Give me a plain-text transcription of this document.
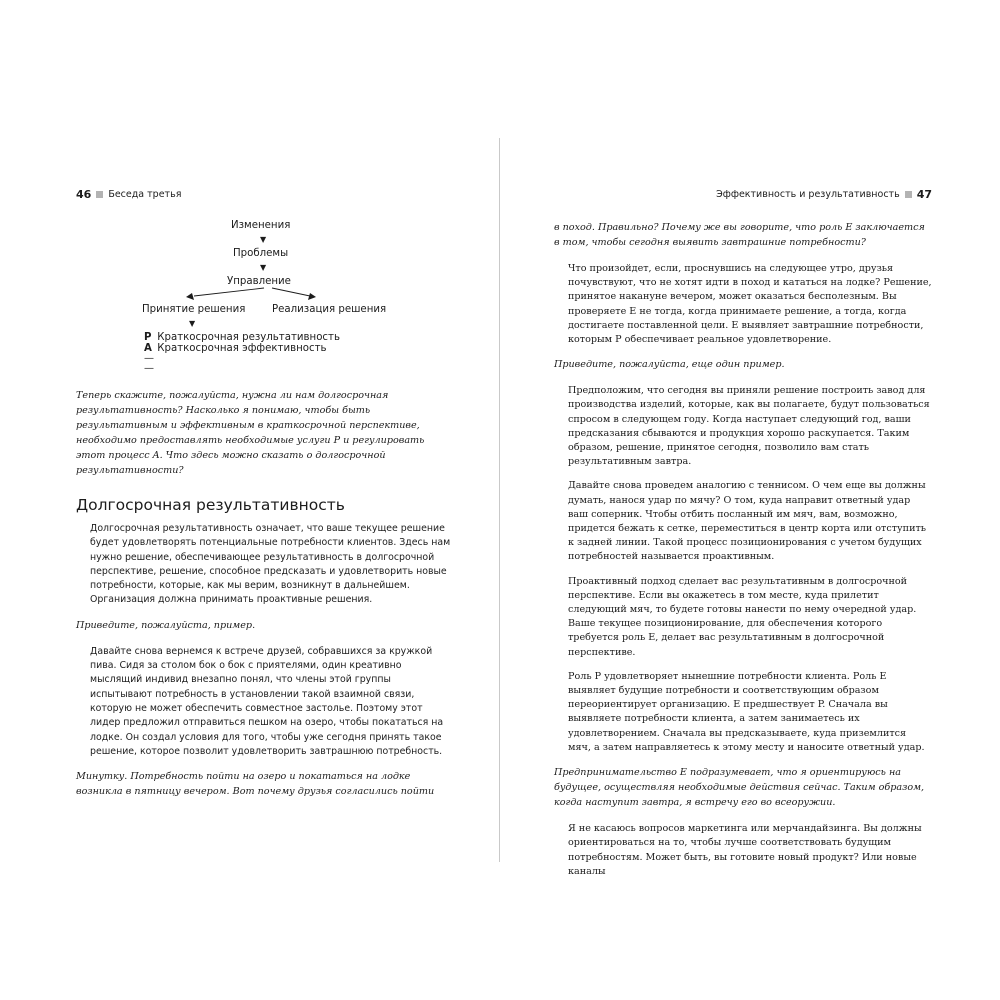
46 Беседа третья
Изменения
▼
Проблемы
▼
Управление
Принятие решения	Реализация решения
▼
P Краткосрочная результативность
A Краткосрочная эффективность
—
—

Теперь скажите, пожалуйста, нужна ли нам долгосрочная результативность? Насколько я понимаю, чтобы быть результативным и эффективным в краткосрочной перспективе, необходимо предоставлять необходимые услуги P и регулировать этот процесс A. Что здесь можно сказать о долгосрочной результативности?

Долгосрочная результативность

Долгосрочная результативность означает, что ваше текущее решение будет удовлетворять потенциальные потребности клиентов. Здесь нам нужно решение, обеспечивающее результативность в долгосрочной перспективе, решение, способное предсказать и удовлетворить новые потребности, которые, как мы верим, возникнут в дальнейшем. Организация должна принимать проактивные решения.

Приведите, пожалуйста, пример.

Давайте снова вернемся к встрече друзей, собравшихся за кружкой пива. Сидя за столом бок о бок с приятелями, один креативно мыслящий индивид внезапно понял, что члены этой группы испытывают потребность в установлении такой взаимной связи, которую не может обеспечить совместное застолье. Поэтому этот лидер предложил отправиться пешком на озеро, чтобы покататься на лодке. Он создал условия для того, чтобы уже сегодня принять такое решение, которое позволит удовлетворить завтрашнюю потребность.

Минутку. Потребность пойти на озеро и покататься на лодке возникла в пятницу вечером. Вот почему друзья согласились пойти

Эффективность и результативность 47

в поход. Правильно? Почему же вы говорите, что роль E заключается в том, чтобы сегодня выявить завтрашние потребности?

Что произойдет, если, проснувшись на следующее утро, друзья почувствуют, что не хотят идти в поход и кататься на лодке? Решение, принятое накануне вечером, может оказаться бесполезным. Вы проверяете E не тогда, когда принимаете решение, а тогда, когда достигаете поставленной цели. E выявляет завтрашние потребности, которым P обеспечивает реальное удовлетворение.

Приведите, пожалуйста, еще один пример.

Предположим, что сегодня вы приняли решение построить завод для производства изделий, которые, как вы полагаете, будут пользоваться спросом в следующем году. Когда наступает следующий год, ваши предсказания сбываются и продукция хорошо раскупается. Таким образом, решение, принятое сегодня, позволило вам стать результативным завтра.

Давайте снова проведем аналогию с теннисом. О чем еще вы должны думать, нанося удар по мячу? О том, куда направит ответный удар ваш соперник. Чтобы отбить посланный им мяч, вам, возможно, придется бежать к сетке, переместиться в центр корта или отступить к задней линии. Такой процесс позиционирования с учетом будущих потребностей называется проактивным.

Проактивный подход сделает вас результативным в долгосрочной перспективе. Если вы окажетесь в том месте, куда прилетит следующий мяч, то будете готовы нанести по нему очередной удар. Ваше текущее позиционирование, для обеспечения которого требуется роль E, делает вас результативным в долгосрочной перспективе.

Роль P удовлетворяет нынешние потребности клиента. Роль E выявляет будущие потребности и соответствующим образом переориентирует организацию. E предшествует P. Сначала вы выявляете потребности клиента, а затем занимаетесь их удовлетворением. Сначала вы предсказываете, куда приземлится мяч, а затем направляетесь к этому месту и наносите ответный удар.

Предпринимательство E подразумевает, что я ориентируюсь на будущее, осуществляя необходимые действия сейчас. Таким образом, когда наступит завтра, я встречу его во всеоружии.

Я не касаюсь вопросов маркетинга или мерчандайзинга. Вы должны ориентироваться на то, чтобы лучше соответствовать будущим потребностям. Может быть, вы готовите новый продукт? Или новые каналы
